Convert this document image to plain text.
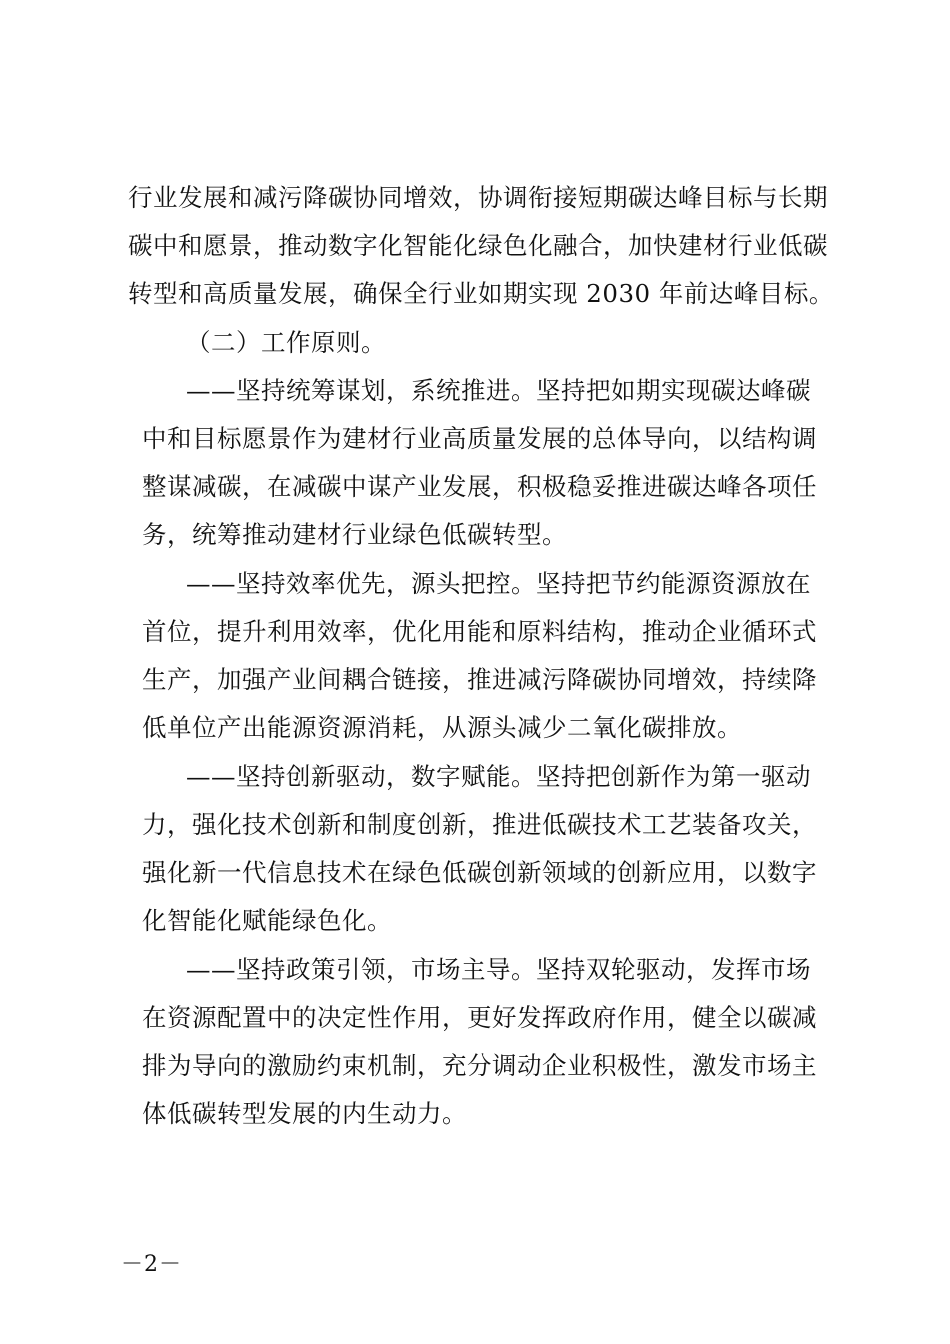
行业发展和减污降碳协同增效，协调衔接短期碳达峰目标与长期
碳中和愿景，推动数字化智能化绿色化融合，加快建材行业低碳
转型和高质量发展，确保全行业如期实现 2030 年前达峰目标。
（二）工作原则。
——坚持统筹谋划，系统推进。坚持把如期实现碳达峰碳
中和目标愿景作为建材行业高质量发展的总体导向，以结构调
整谋减碳，在减碳中谋产业发展，积极稳妥推进碳达峰各项任
务，统筹推动建材行业绿色低碳转型。
——坚持效率优先，源头把控。坚持把节约能源资源放在
首位，提升利用效率，优化用能和原料结构，推动企业循环式
生产，加强产业间耦合链接，推进减污降碳协同增效，持续降
低单位产出能源资源消耗，从源头减少二氧化碳排放。
——坚持创新驱动，数字赋能。坚持把创新作为第一驱动
力，强化技术创新和制度创新，推进低碳技术工艺装备攻关，
强化新一代信息技术在绿色低碳创新领域的创新应用，以数字
化智能化赋能绿色化。
——坚持政策引领，市场主导。坚持双轮驱动，发挥市场
在资源配置中的决定性作用，更好发挥政府作用，健全以碳减
排为导向的激励约束机制，充分调动企业积极性，激发市场主
体低碳转型发展的内生动力。
－2－
